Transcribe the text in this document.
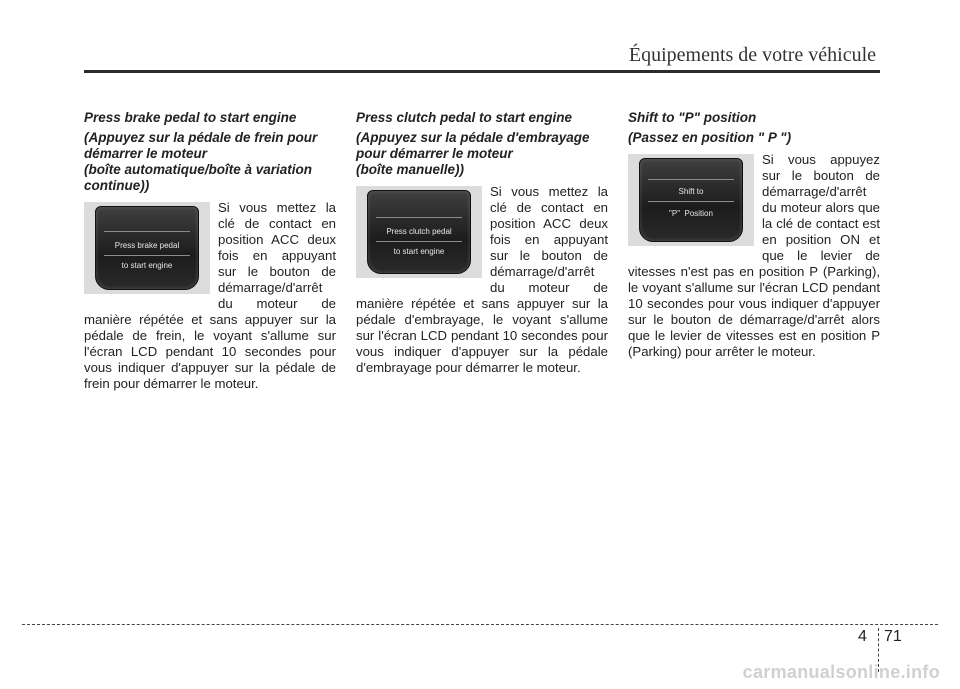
Équipements de votre véhicule

Press brake pedal to start engine

(Appuyez sur la pédale de frein pour
démarrer le moteur
(boîte automatique/boîte à variation
continue))

Press brake pedal
to start engine

Si vous mettez la clé de contact en position ACC deux fois en appuyant sur le bouton de démarrage/d'arrêt du moteur de manière répétée et sans appuyer sur la pédale de frein, le voyant s'allume sur l'écran LCD pendant 10 secondes pour vous indiquer d'appuyer sur la pédale de frein pour démarrer le moteur.

Press clutch pedal to start engine

(Appuyez sur la pédale d'embrayage
pour démarrer le moteur
(boîte manuelle))

Press clutch pedal
to start engine

Si vous mettez la clé de contact en position ACC deux fois en appuyant sur le bouton de démarrage/d'arrêt du moteur de manière répétée et sans appuyer sur la pédale d'embrayage, le voyant s'allume sur l'écran LCD pendant 10 secondes pour vous indiquer d'appuyer sur la pédale d'embrayage pour démarrer le moteur.

Shift to "P" position

(Passez en position " P ")

Shift to
"P"  Position

Si vous appuyez sur le bouton de démarrage/d'arrêt du moteur alors que la clé de contact est en position ON et que le levier de vitesses n'est pas en position P (Parking), le voyant s'allume sur l'écran LCD pendant 10 secondes pour vous indiquer d'appuyer sur le bouton de démarrage/d'arrêt alors que le levier de vitesses est en position P (Parking) pour arrêter le moteur.

4 71
carmanualsonline.info
